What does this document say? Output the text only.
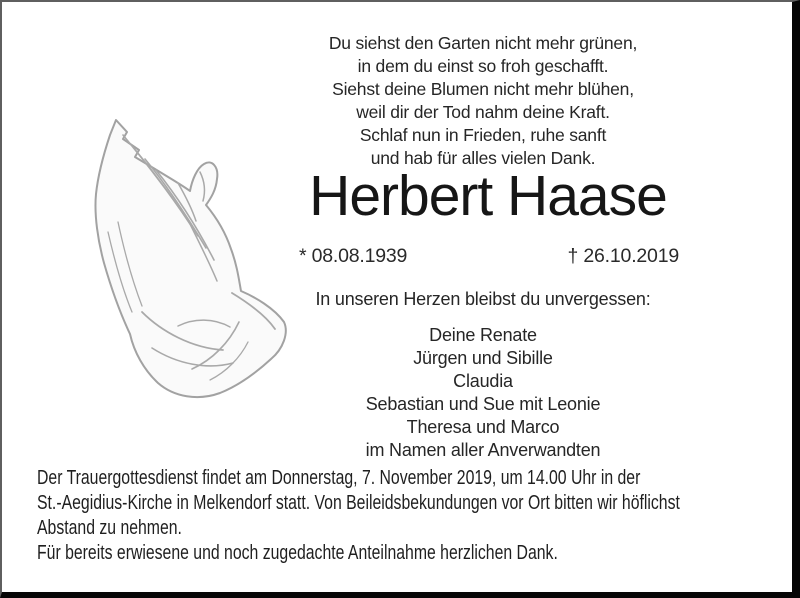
Du siehst den Garten nicht mehr grünen,
in dem du einst so froh geschafft.
Siehst deine Blumen nicht mehr blühen,
weil dir der Tod nahm deine Kraft.
Schlaf nun in Frieden, ruhe sanft
und hab für alles vielen Dank.
Herbert Haase
* 08.08.1939	† 26.10.2019
In unseren Herzen bleibst du unvergessen:
Deine Renate
Jürgen und Sibille
Claudia
Sebastian und Sue mit Leonie
Theresa und Marco
im Namen aller Anverwandten
Der Trauergottesdienst findet am Donnerstag, 7. November 2019, um 14.00 Uhr in der
St.-Aegidius-Kirche in Melkendorf statt. Von Beileidsbekundungen vor Ort bitten wir höflichst
Abstand zu nehmen.
Für bereits erwiesene und noch zugedachte Anteilnahme herzlichen Dank.
